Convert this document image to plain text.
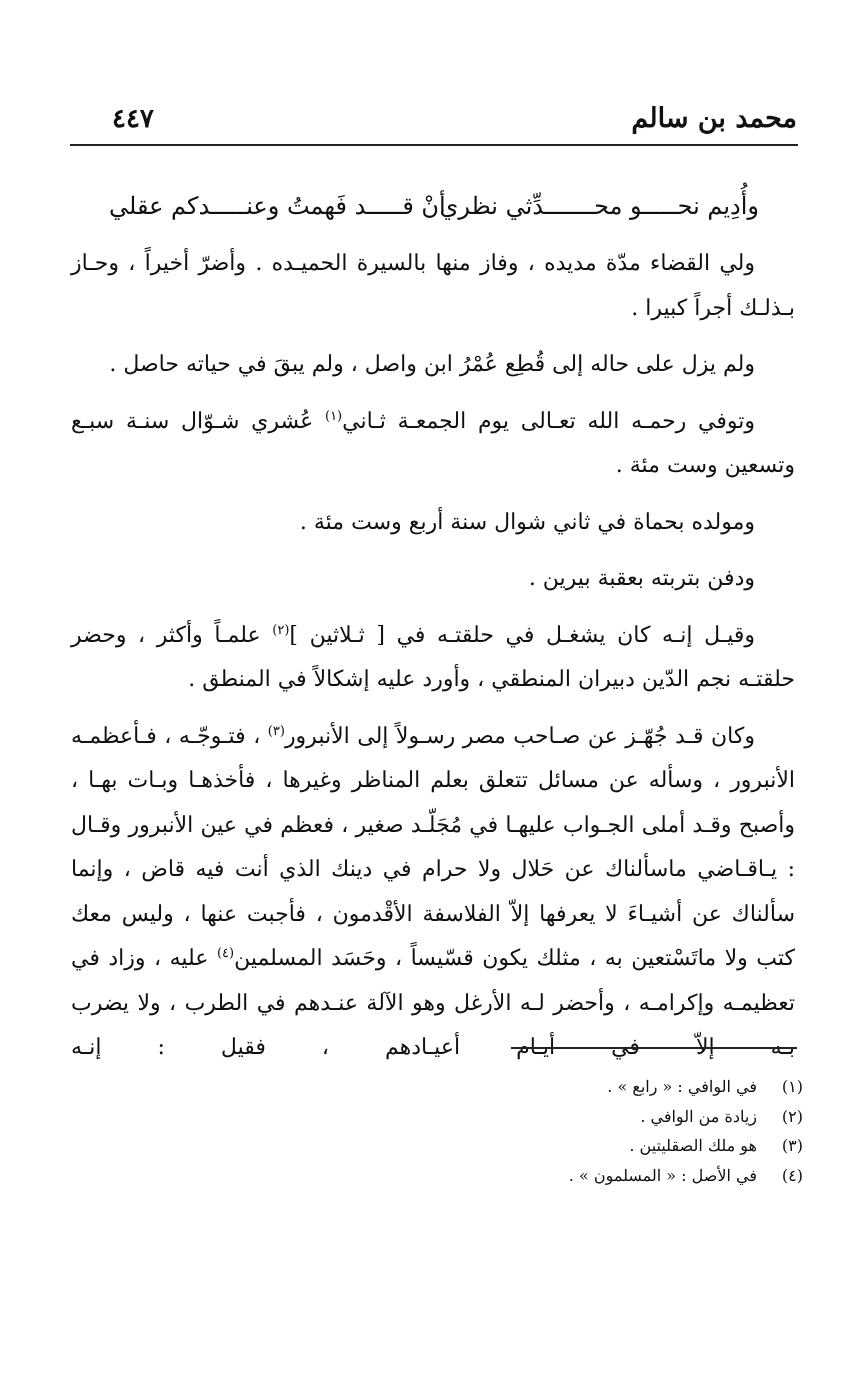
محمد بن سالم
٤٤٧
وأُدِيم نحـــــو محـــــــدِّثي نظري
أنْ قـــــد فَهمتُ وعنـــــدكم عقلي

ولي القضاء مدّة مديده ، وفاز منها بالسيرة الحميـده . وأضرّ أخيراً ، وحـاز بـذلـك أجراً كبيرا .

ولم يزل على حاله إلى قُطِع عُمْرُ ابن واصل ، ولم يبقَ في حياته حاصل .

وتوفي رحمـه الله تعـالى يوم الجمعـة ثـاني$^{(١)}$ عُشري شـوّال سنـة سبـع وتسعين وست مئة .

ومولده بحماة في ثاني شوال سنة أربع وست مئة .

ودفن بتربته بعقبة بيرين .

وقيـل إنـه كان يشغـل في حلقتـه في [ ثـلاثين ]$^{(٢)}$ علمـاً وأكثر ، وحضر حلقتـه نجم الدّين دبيران المنطقي ، وأورد عليه إشكالاً في المنطق .

وكان قـد جُهّـز عن صـاحب مصر رسـولاً إلى الأنبرور$^{(٣)}$ ، فتـوجّـه ، فـأعظمـه الأنبرور ، وسأله عن مسائل تتعلق بعلم المناظر وغيرها ، فأخذهـا وبـات بهـا ، وأصبح وقـد أملى الجـواب عليهـا في مُجَلّـد صغير ، فعظم في عين الأنبرور وقـال : يـاقـاضي ماسألناك عن حَلال ولا حرام في دينك الذي أنت فيه قاض ، وإنما سألناك عن أشيـاءَ لا يعرفها إلاّ الفلاسفة الأقْدمون ، فأجبت عنها ، وليس معك كتب ولا ماتَسْتعين به ، مثلك يكون قسّيساً ، وحَسَد المسلمين$^{(٤)}$ عليه ، وزاد في تعظيمـه وإكرامـه ، وأحضر لـه الأرغل وهو الآلة عنـدهم في الطرب ، ولا يضرب بـه إلاّ في أيـام أعيـادهم ، فقيل : إنـه

(١)في الوافي : « رابع » .
(٢)زيادة من الوافي .
(٣)هو ملك الصقليتين .
(٤)في الأصل : « المسلمون » .
